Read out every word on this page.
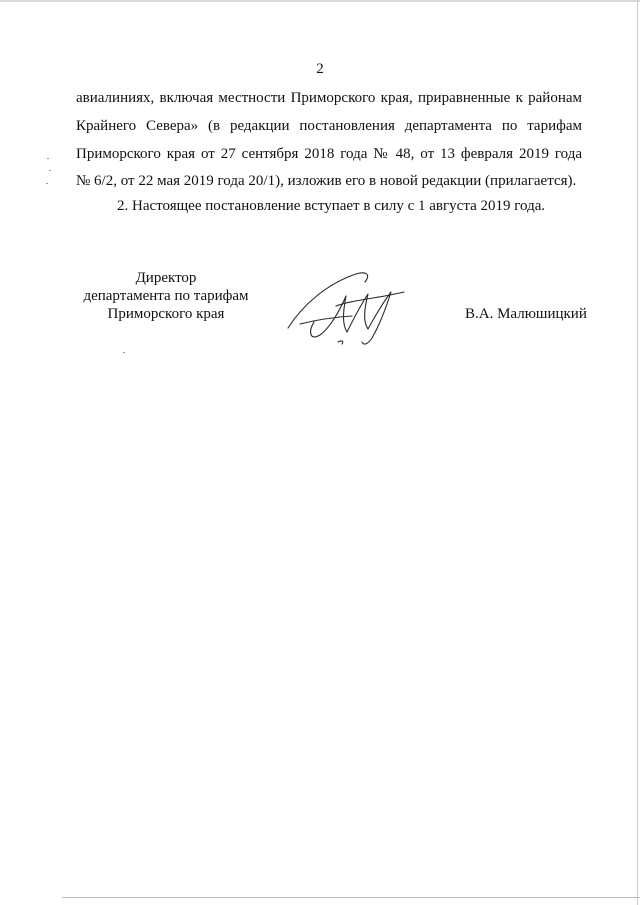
2
авиалиниях, включая местности Приморского края, приравненные к районам
Крайнего Севера» (в редакции постановления департамента по тарифам
Приморского края от 27 сентября 2018 года № 48, от 13 февраля 2019 года
№ 6/2, от 22 мая 2019 года 20/1), изложив его в новой редакции (прилагается).
2. Настоящее постановление вступает в силу с 1 августа 2019 года.
Директор
департамента по тарифам
Приморского края	В.А. Малюшицкий
